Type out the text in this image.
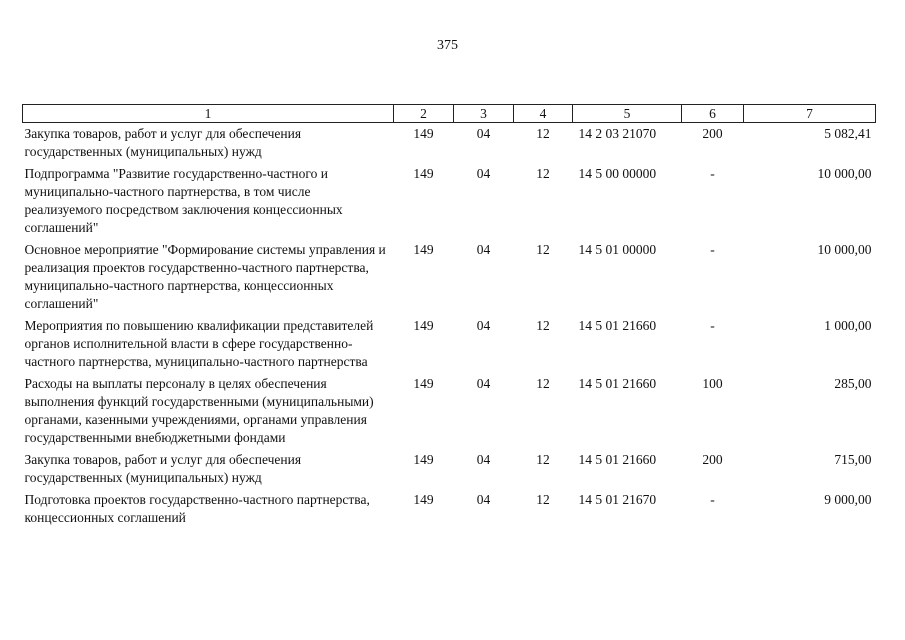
375
1	2	3	4	5	6	7
Закупка товаров, работ и услуг для обеспечения государственных (муниципальных) нужд	149	04	12	14 2 03 21070	200	5 082,41
Подпрограмма "Развитие государственно-частного и муниципально-частного партнерства, в том числе реализуемого посредством заключения концессионных соглашений"	149	04	12	14 5 00 00000	-	10 000,00
Основное мероприятие "Формирование системы управления и реализация проектов государственно-частного партнерства, муниципально-частного партнерства, концессионных соглашений"	149	04	12	14 5 01 00000	-	10 000,00
Мероприятия по повышению квалификации представителей органов исполнительной власти в сфере государственно-частного партнерства, муниципально-частного партнерства	149	04	12	14 5 01 21660	-	1 000,00
Расходы на выплаты персоналу в целях обеспечения выполнения функций государственными (муниципальными) органами, казенными учреждениями, органами управления государственными внебюджетными фондами	149	04	12	14 5 01 21660	100	285,00
Закупка товаров, работ и услуг для обеспечения государственных (муниципальных) нужд	149	04	12	14 5 01 21660	200	715,00
Подготовка проектов государственно-частного партнерства, концессионных соглашений	149	04	12	14 5 01 21670	-	9 000,00
